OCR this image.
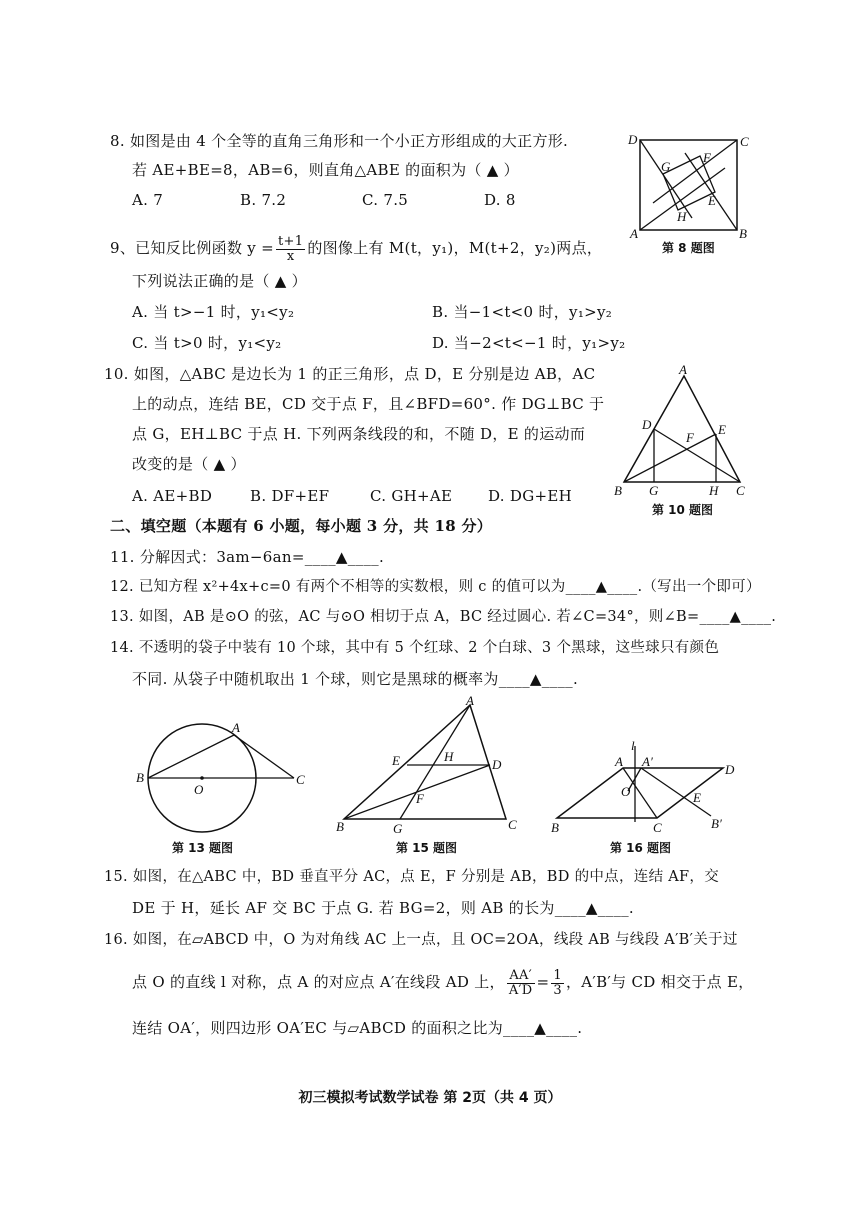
8. 如图是由 4 个全等的直角三角形和一个小正方形组成的大正方形.
若 AE+BE=8，AB=6，则直角△ABE 的面积为（ ▲ ）
A. 7	B. 7.2	C. 7.5	D. 8
D	C
A	B
G
F
H
E
第 8 题图
9、已知反比例函数 $y = \frac{t+1}{x}$ 的图像上有 M(t，y₁)，M(t+2，y₂)两点，
下列说法正确的是（ ▲ ）
A. 当 t>−1 时，y₁<y₂	B. 当−1<t<0 时，y₁>y₂
C. 当 t>0 时，y₁<y₂	D. 当−2<t<−1 时，y₁>y₂
10. 如图，△ABC 是边长为 1 的正三角形，点 D，E 分别是边 AB，AC
上的动点，连结 BE，CD 交于点 F，且∠BFD=60°. 作 DG⊥BC 于
点 G，EH⊥BC 于点 H. 下列两条线段的和，不随 D，E 的运动而
改变的是（ ▲ ）
A. AE+BD	B. DF+EF	C. GH+AE D. DG+EH
A
D	E
F
B G	H C
第 10 题图
二、填空题（本题有 6 小题，每小题 3 分，共 18 分）
11. 分解因式：3am−6an=____▲____.
12. 已知方程 x²+4x+c=0 有两个不相等的实数根，则 c 的值可以为____▲____.（写出一个即可）
13. 如图，AB 是⊙O 的弦，AC 与⊙O 相切于点 A，BC 经过圆心. 若∠C=34°，则∠B=____▲____.
14. 不透明的袋子中装有 10 个球，其中有 5 个红球、2 个白球、3 个黑球，这些球只有颜色
不同. 从袋子中随机取出 1 个球，则它是黑球的概率为____▲____.
A
B
O
C
第 13 题图
A
E	H
D
F
B	G	C
第 15 题图
A
l
A′
D
O	E
B	C	B′
第 16 题图
15. 如图，在△ABC 中，BD 垂直平分 AC，点 E，F 分别是 AB，BD 的中点，连结 AF，交
DE 于 H，延长 AF 交 BC 于点 G. 若 BG=2，则 AB 的长为____▲____.
16. 如图，在▱ABCD 中，O 为对角线 AC 上一点，且 OC=2OA，线段 AB 与线段 A′B′关于过
点 O 的直线 l 对称，点 A 的对应点 A′在线段 AD 上， $\frac{AA'}{A'D} = \frac{1}{3}$ ，A′B′与 CD 相交于点 E，
连结 OA′，则四边形 OA′EC 与▱ABCD 的面积之比为____▲____.
初三模拟考试数学试卷 第 2页（共 4 页）
